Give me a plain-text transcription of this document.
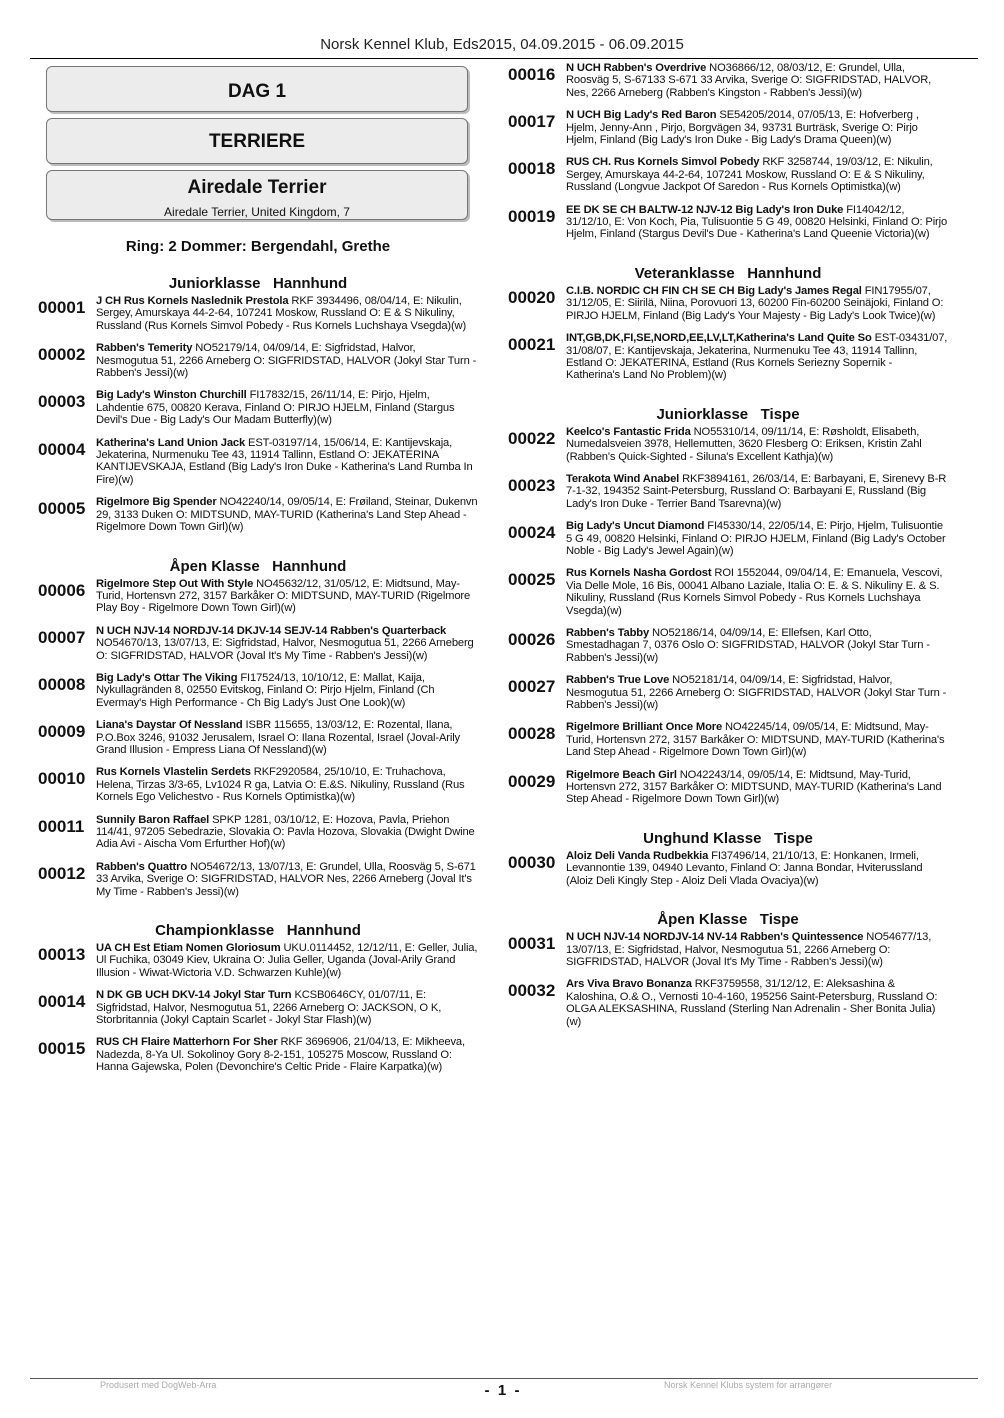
Norsk Kennel Klub, Eds2015, 04.09.2015 - 06.09.2015
DAG 1
TERRIERE
Airedale Terrier
Airedale Terrier, United Kingdom, 7
Ring: 2 Dommer: Bergendahl, Grethe
Juniorklasse   Hannhund
00001 J CH Rus Kornels Naslednik Prestola RKF 3934496, 08/04/14, E: Nikulin, Sergey, Amurskaya 44-2-64, 107241 Moskow, Russland O: E & S Nikuliny, Russland (Rus Kornels Simvol Pobedy - Rus Kornels Luchshaya Vsegda)(w)
00002 Rabben's Temerity NO52179/14, 04/09/14, E: Sigfridstad, Halvor, Nesmogutua 51, 2266 Arneberg O: SIGFRIDSTAD, HALVOR (Jokyl Star Turn - Rabben's Jessi)(w)
00003 Big Lady's Winston Churchill FI17832/15, 26/11/14, E: Pirjo, Hjelm, Lahdentie 675, 00820 Kerava, Finland O: PIRJO HJELM, Finland (Stargus Devil's Due - Big Lady's Our Madam Butterfly)(w)
00004 Katherina's Land Union Jack EST-03197/14, 15/06/14, E: Kantijevskaja, Jekaterina, Nurmenuku Tee 43, 11914 Tallinn, Estland O: JEKATERINA KANTIJEVSKAJA, Estland (Big Lady's Iron Duke - Katherina's Land Rumba In Fire)(w)
00005 Rigelmore Big Spender NO42240/14, 09/05/14, E: Frøiland, Steinar, Dukenvn 29, 3133 Duken O: MIDTSUND, MAY-TURID (Katherina's Land Step Ahead - Rigelmore Down Town Girl)(w)
Åpen Klasse   Hannhund
00006 Rigelmore Step Out With Style NO45632/12, 31/05/12, E: Midtsund, May-Turid, Hortensvn 272, 3157 Barkåker O: MIDTSUND, MAY-TURID (Rigelmore Play Boy - Rigelmore Down Town Girl)(w)
00007 N UCH NJV-14 NORDJV-14 DKJV-14 SEJV-14 Rabben's Quarterback NO54670/13, 13/07/13, E: Sigfridstad, Halvor, Nesmogutua 51, 2266 Arneberg O: SIGFRIDSTAD, HALVOR (Joval It's My Time - Rabben's Jessi)(w)
00008 Big Lady's Ottar The Viking FI17524/13, 10/10/12, E: Mallat, Kaija, Nykullagränden 8, 02550 Evitskog, Finland O: Pirjo Hjelm, Finland (Ch Evermay's High Performance - Ch Big Lady's Just One Look)(w)
00009 Liana's Daystar Of Nessland ISBR 115655, 13/03/12, E: Rozental, Ilana, P.O.Box 3246, 91032 Jerusalem, Israel O: Ilana Rozental, Israel (Joval-Arily Grand Illusion - Empress Liana Of Nessland)(w)
00010 Rus Kornels Vlastelin Serdets RKF2920584, 25/10/10, E: Truhachova, Helena, Tirzas 3/3-65, Lv1024 R ga, Latvia O: E.&S. Nikuliny, Russland (Rus Kornels Ego Velichestvo - Rus Kornels Optimistka)(w)
00011	Sunnily Baron Raffael SPKP 1281, 03/10/12, E: Hozova, Pavla, Priehon 114/41, 97205 Sebedrazie, Slovakia O: Pavla Hozova, Slovakia (Dwight Dwine Adia Avi - Aischa Vom Erfurther Hof)(w)
00012 Rabben's Quattro NO54672/13, 13/07/13, E: Grundel, Ulla, Roosväg 5, S-671 33 Arvika, Sverige O: SIGFRIDSTAD, HALVOR Nes, 2266 Arneberg (Joval It's My Time - Rabben's Jessi)(w)
Championklasse   Hannhund
00013 UA CH Est Etiam Nomen Gloriosum UKU.0114452, 12/12/11, E: Geller, Julia, Ul Fuchika, 03049 Kiev, Ukraina O: Julia Geller, Uganda (Joval-Arily Grand Illusion - Wiwat-Wictoria V.D. Schwarzen Kuhle)(w)
00014 N DK GB UCH DKV-14 Jokyl Star Turn KCSB0646CY, 01/07/11, E: Sigfridstad, Halvor, Nesmogutua 51, 2266 Arneberg O: JACKSON, O K, Storbritannia (Jokyl Captain Scarlet - Jokyl Star Flash)(w)
00015 RUS CH Flaire Matterhorn For Sher RKF 3696906, 21/04/13, E: Mikheeva, Nadezda, 8-Ya Ul. Sokolinoy Gory 8-2-151, 105275 Moscow, Russland O: Hanna Gajewska, Polen (Devonchire's Celtic Pride - Flaire Karpatka)(w)
00016 N UCH Rabben's Overdrive NO36866/12, 08/03/12, E: Grundel, Ulla, Roosväg 5, S-67133 S-671 33 Arvika, Sverige O: SIGFRIDSTAD, HALVOR, Nes, 2266 Arneberg (Rabben's Kingston - Rabben's Jessi)(w)
00017 N UCH Big Lady's Red Baron SE54205/2014, 07/05/13, E: Hofverberg , Hjelm, Jenny-Ann , Pirjo, Borgvägen 34, 93731 Burträsk, Sverige O: Pirjo Hjelm, Finland (Big Lady's Iron Duke - Big Lady's Drama Queen)(w)
00018 RUS CH. Rus Kornels Simvol Pobedy RKF 3258744, 19/03/12, E: Nikulin, Sergey, Amurskaya 44-2-64, 107241 Moskow, Russland O: E & S Nikuliny, Russland (Longvue Jackpot Of Saredon - Rus Kornels Optimistka)(w)
00019 EE DK SE CH BALTW-12 NJV-12 Big Lady's Iron Duke FI14042/12, 31/12/10, E: Von Koch, Pia, Tulisuontie 5 G 49, 00820 Helsinki, Finland O: Pirjo Hjelm, Finland (Stargus Devil's Due - Katherina's Land Queenie Victoria)(w)
Veteranklasse   Hannhund
00020 C.I.B. NORDIC CH FIN CH SE CH Big Lady's James Regal FIN17955/07, 31/12/05, E: Siirilä, Niina, Porovuori 13, 60200 Fin-60200 Seinäjoki, Finland O: PIRJO HJELM, Finland (Big Lady's Your Majesty - Big Lady's Look Twice)(w)
00021 INT,GB,DK,FI,SE,NORD,EE,LV,LT,Katherina's Land Quite So EST-03431/07, 31/08/07, E: Kantijevskaja, Jekaterina, Nurmenuku Tee 43, 11914 Tallinn, Estland O: JEKATERINA, Estland (Rus Kornels Seriezny Sopernik - Katherina's Land No Problem)(w)
Juniorklasse   Tispe
00022 Keelco's Fantastic Frida NO55310/14, 09/11/14, E: Røsholdt, Elisabeth, Numedalsveien 3978, Hellemutten, 3620 Flesberg O: Eriksen, Kristin Zahl (Rabben's Quick-Sighted - Siluna's Excellent Kathja)(w)
00023 Terakota Wind Anabel RKF3894161, 26/03/14, E: Barbayani, E, Sirenevy B-R 7-1-32, 194352 Saint-Petersburg, Russland O: Barbayani E, Russland (Big Lady's Iron Duke - Terrier Band Tsarevna)(w)
00024 Big Lady's Uncut Diamond FI45330/14, 22/05/14, E: Pirjo, Hjelm, Tulisuontie 5 G 49, 00820 Helsinki, Finland O: PIRJO HJELM, Finland (Big Lady's October Noble - Big Lady's Jewel Again)(w)
00025 Rus Kornels Nasha Gordost ROI 1552044, 09/04/14, E: Emanuela, Vescovi, Via Delle Mole, 16 Bis, 00041 Albano Laziale, Italia O: E. & S. Nikuliny E. & S. Nikuliny, Russland (Rus Kornels Simvol Pobedy - Rus Kornels Luchshaya Vsegda)(w)
00026 Rabben's Tabby NO52186/14, 04/09/14, E: Ellefsen, Karl Otto, Smestadhagan 7, 0376 Oslo O: SIGFRIDSTAD, HALVOR (Jokyl Star Turn - Rabben's Jessi)(w)
00027 Rabben's True Love NO52181/14, 04/09/14, E: Sigfridstad, Halvor, Nesmogutua 51, 2266 Arneberg O: SIGFRIDSTAD, HALVOR (Jokyl Star Turn - Rabben's Jessi)(w)
00028 Rigelmore Brilliant Once More NO42245/14, 09/05/14, E: Midtsund, May-Turid, Hortensvn 272, 3157 Barkåker O: MIDTSUND, MAY-TURID (Katherina's Land Step Ahead - Rigelmore Down Town Girl)(w)
00029 Rigelmore Beach Girl NO42243/14, 09/05/14, E: Midtsund, May-Turid, Hortensvn 272, 3157 Barkåker O: MIDTSUND, MAY-TURID (Katherina's Land Step Ahead - Rigelmore Down Town Girl)(w)
Unghund Klasse   Tispe
00030 Aloiz Deli Vanda Rudbekkia FI37496/14, 21/10/13, E: Honkanen, Irmeli, Levannontie 139, 04940 Levanto, Finland O: Janna Bondar, Hviterussland (Aloiz Deli Kingly Step - Aloiz Deli Vlada Ovaciya)(w)
Åpen Klasse   Tispe
00031 N UCH NJV-14 NORDJV-14 NV-14 Rabben's Quintessence NO54677/13, 13/07/13, E: Sigfridstad, Halvor, Nesmogutua 51, 2266 Arneberg O: SIGFRIDSTAD, HALVOR (Joval It's My Time - Rabben's Jessi)(w)
00032 Ars Viva Bravo Bonanza RKF3759558, 31/12/12, E: Aleksashina & Kaloshina, O.& O., Vernosti 10-4-160, 195256 Saint-Petersburg, Russland O: OLGA ALEKSASHINA, Russland (Sterling Nan Adrenalin - Sher Bonita Julia)(w)
Produsert med DogWeb-Arra	-  1  -	Norsk Kennel Klubs system for arrangører
